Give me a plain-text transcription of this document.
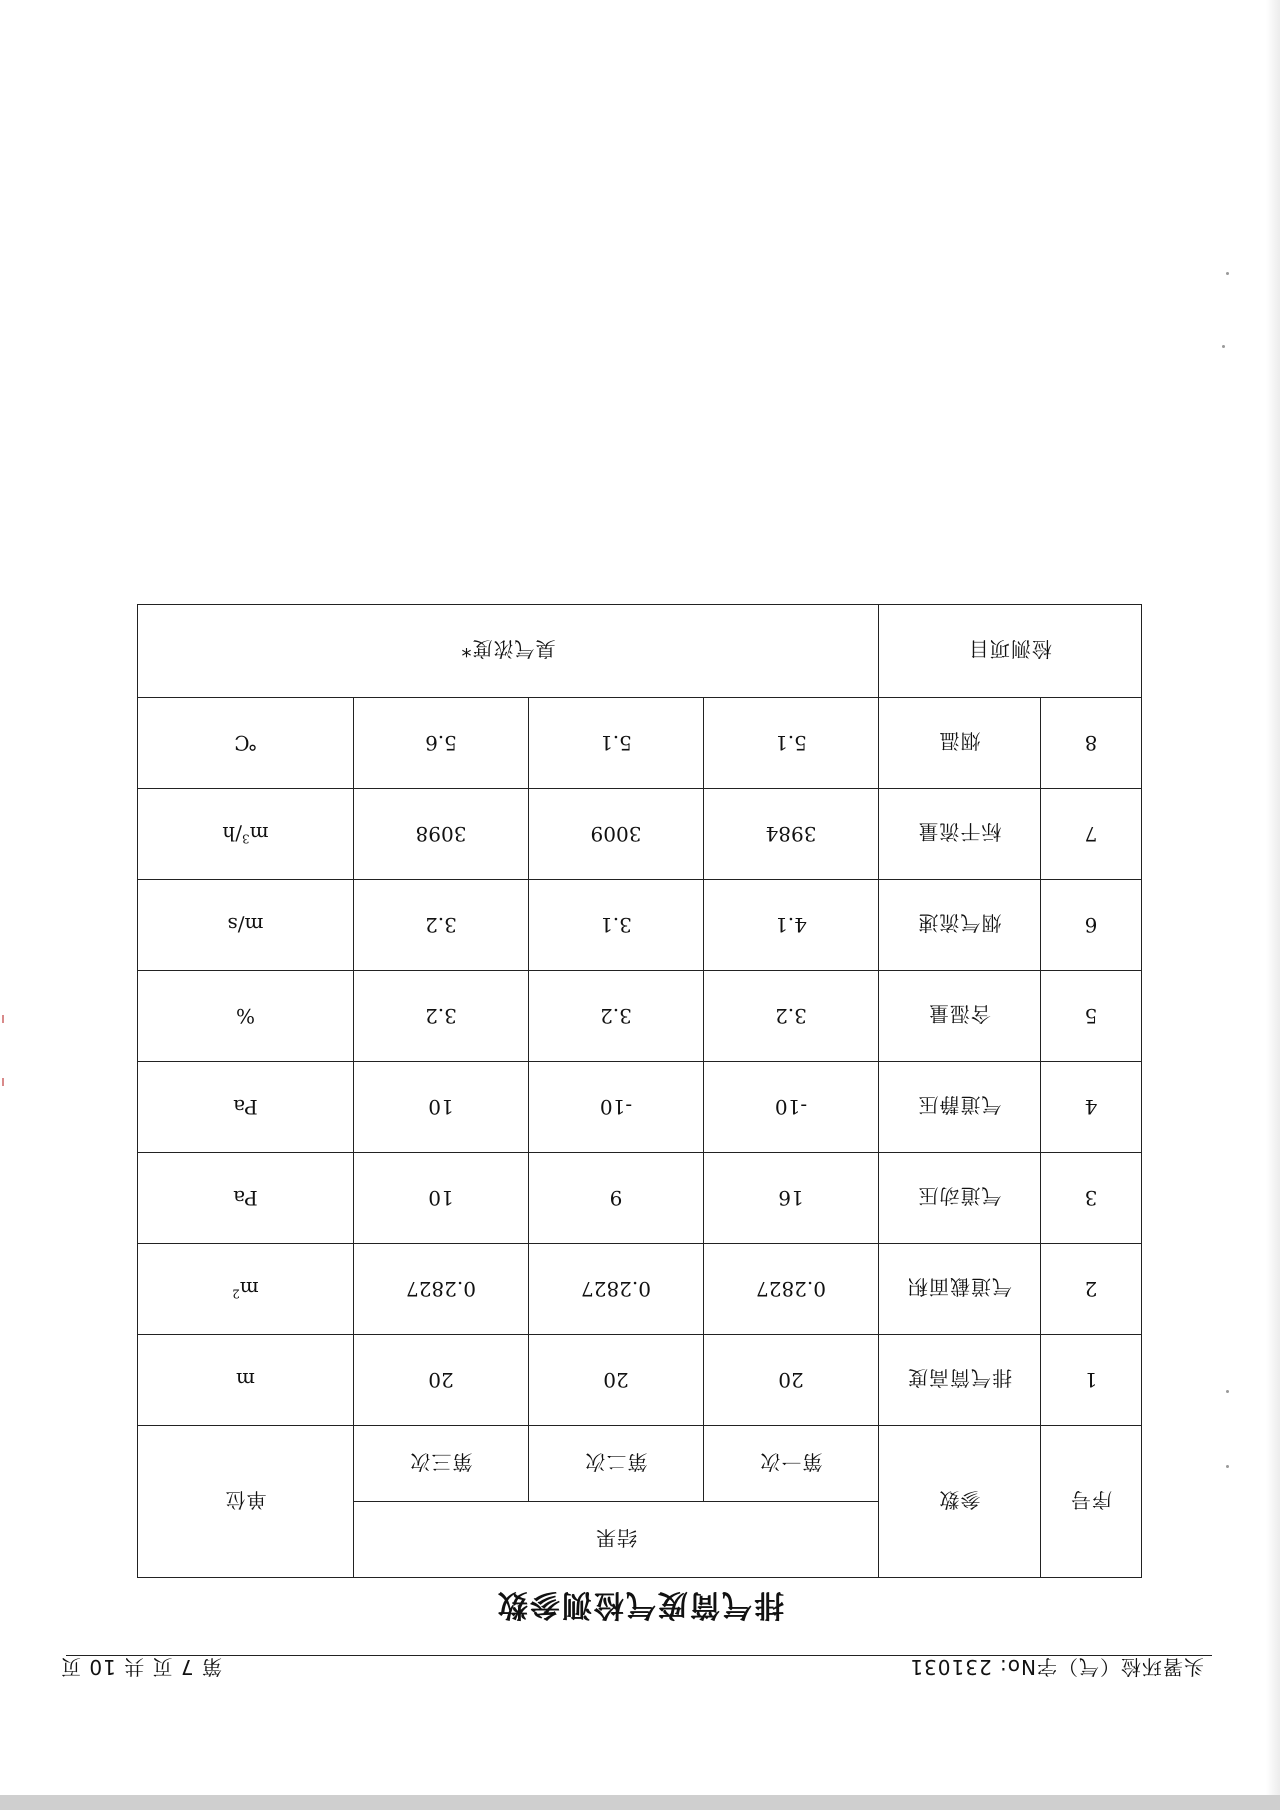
头署环检（气）字No: 231031
第 7 页 共 10 页
排气筒废气检测参数
序号	参数	结果			单位
		第一次	第二次	第三次	
1	排气筒高度	20	20	20	m
2	气道截面积	0.2827	0.2827	0.2827	$m^2$
3	气道动压	16	9	10	Pa
4	气道静压	-10	-10	10	Pa
5	含湿量	3.2	3.2	3.2	%
6	烟气流速	4.1	3.1	3.2	m/s
7	标干流量	3984	3009	3098	$m^3/h$
8	烟温	5.1	5.1	5.6	℃
检测项目		臭气浓度*			
